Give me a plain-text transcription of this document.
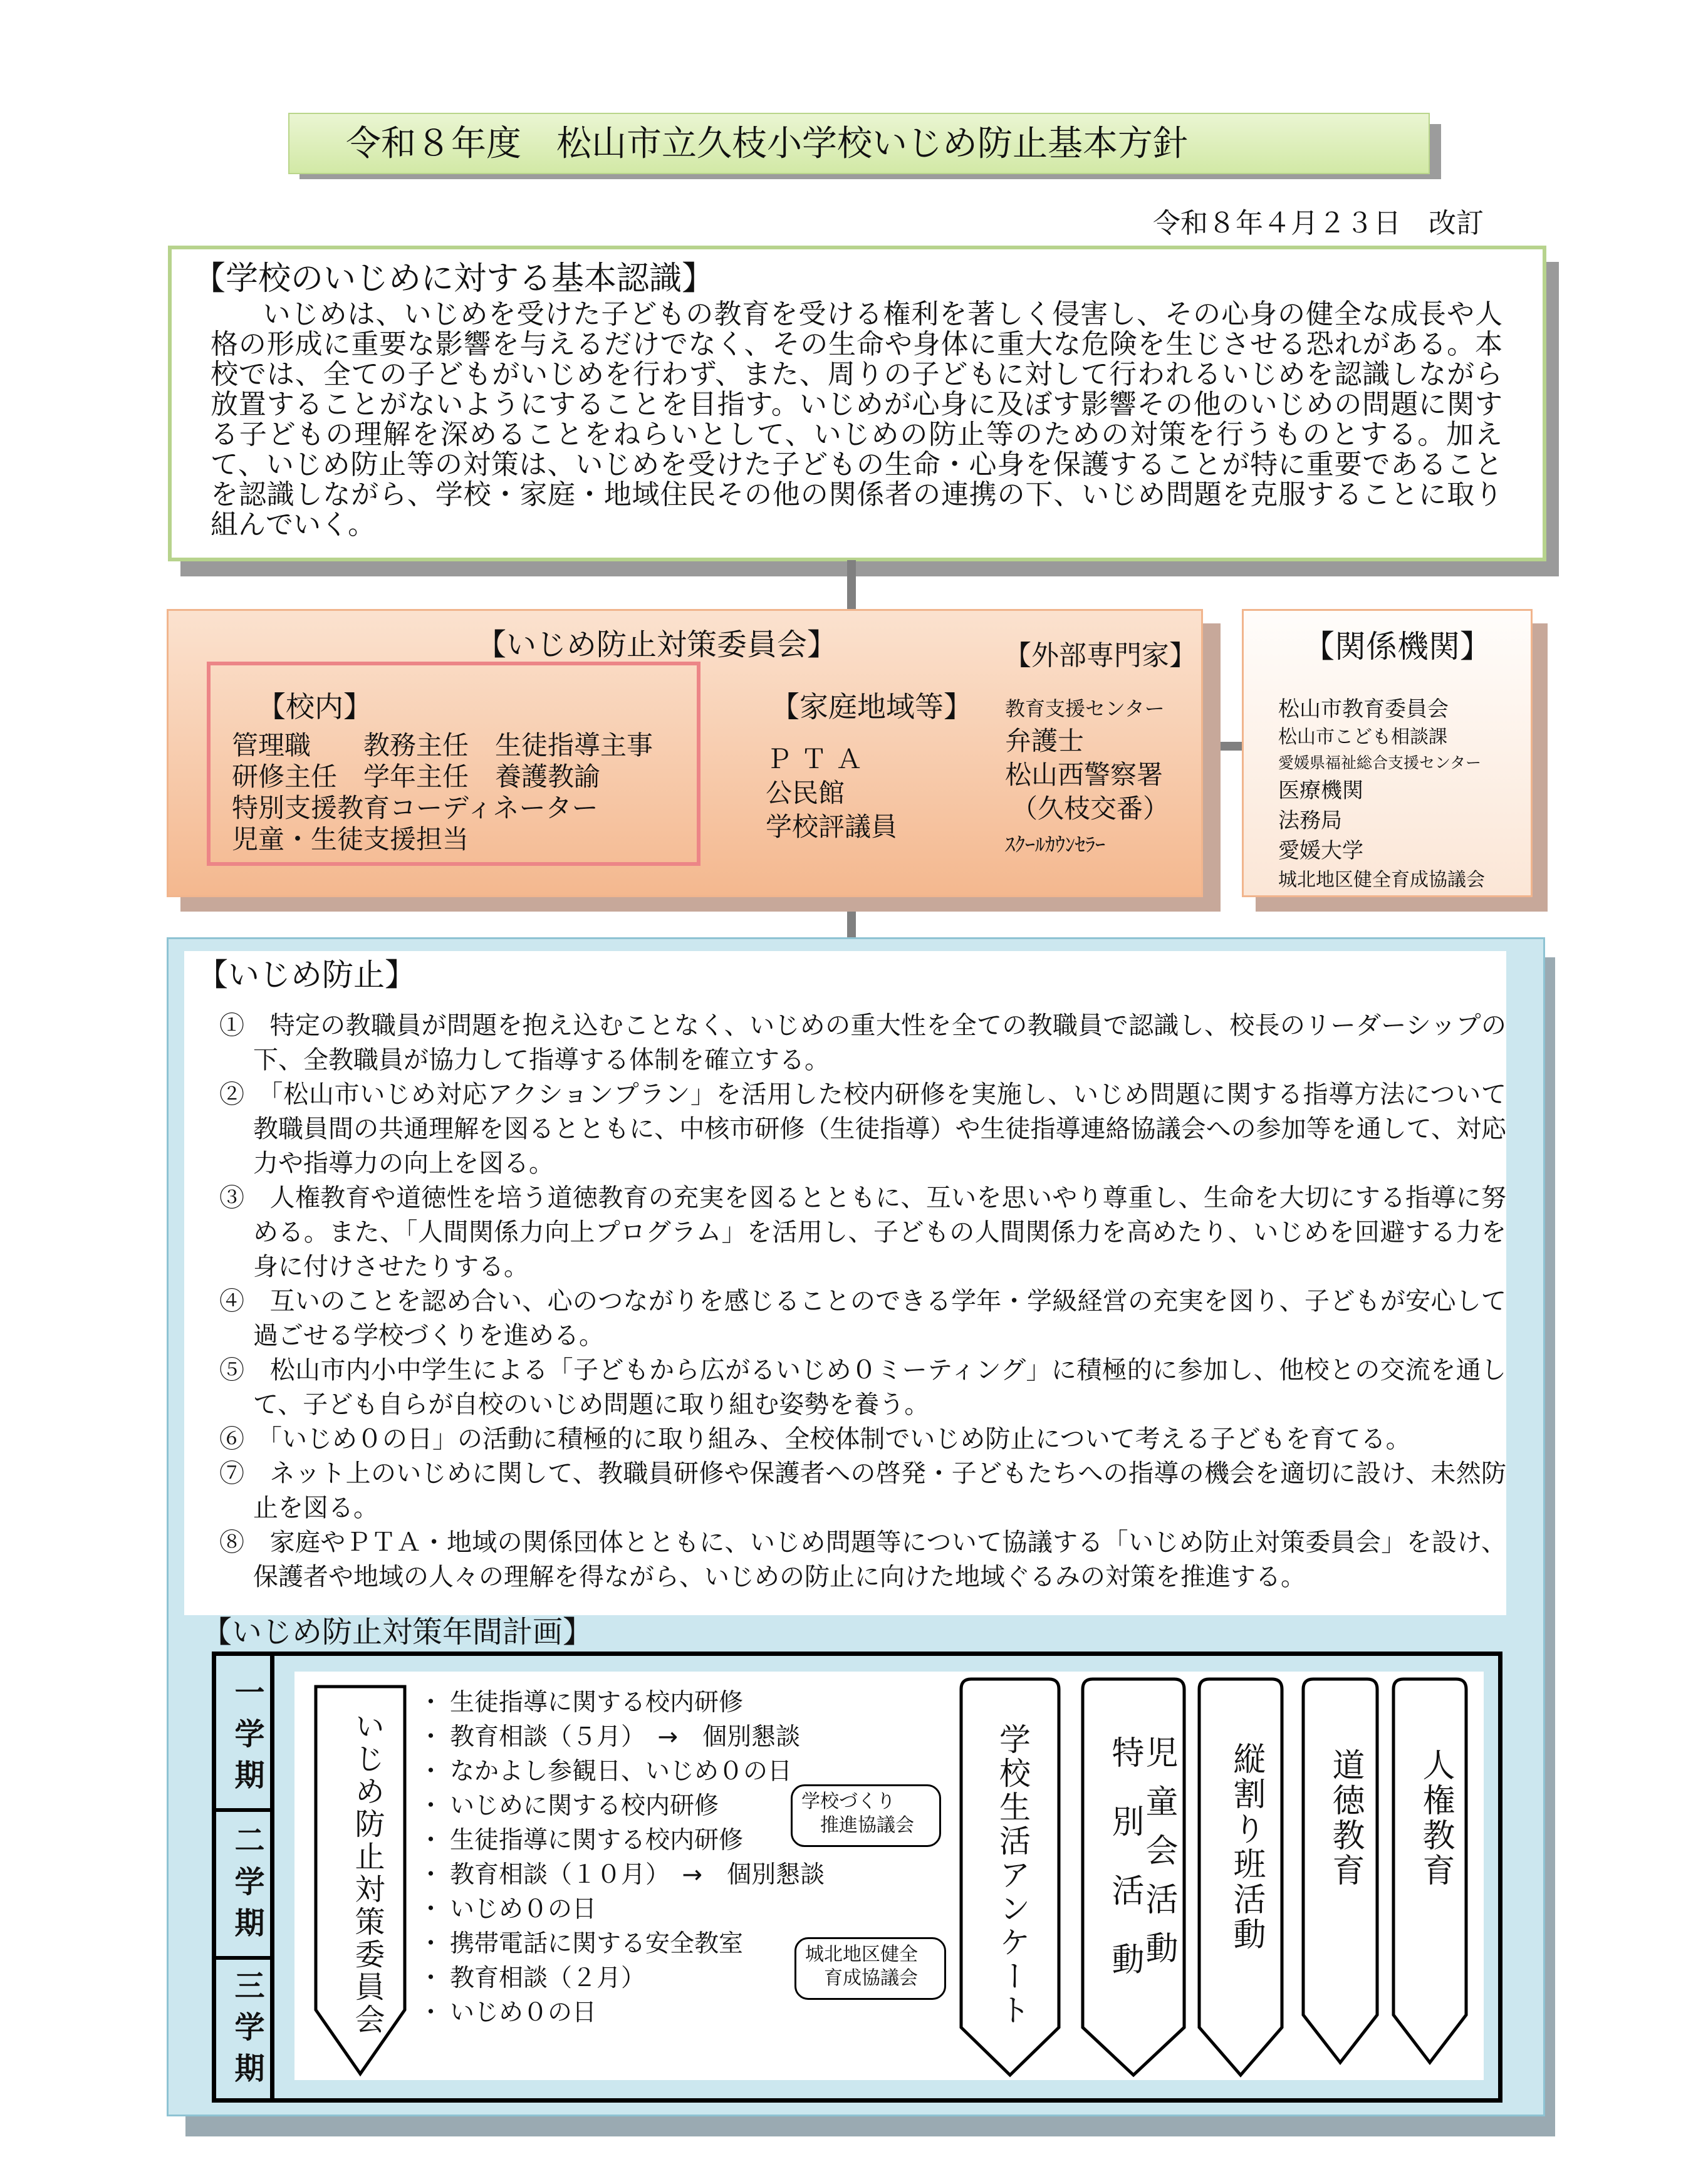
令和８年度　松山市立久枝小学校いじめ防止基本方針
令和８年４月２３日　改訂
【学校のいじめに対する基本認識】
いじめは、いじめを受けた子どもの教育を受ける権利を著しく侵害し、その心身の健全な成長や人格の形成に重要な影響を与えるだけでなく、その生命や身体に重大な危険を生じさせる恐れがある。本校では、全ての子どもがいじめを行わず、また、周りの子どもに対して行われるいじめを認識しながら放置することがないようにすることを目指す。いじめが心身に及ぼす影響その他のいじめの問題に関する子どもの理解を深めることをねらいとして、いじめの防止等のための対策を行うものとする。加えて、いじめ防止等の対策は、いじめを受けた子どもの生命・心身を保護することが特に重要であることを認識しながら、学校・家庭・地域住民その他の関係者の連携の下、いじめ問題を克服することに取り組んでいく。
【いじめ防止対策委員会】
【校内】
管理職　　教務主任　生徒指導主事
研修主任　学年主任　養護教諭
特別支援教育コーディネーター
児童・生徒支援担当
【家庭地域等】
ＰＴＡ
公民館
学校評議員
【外部専門家】
教育支援センター
弁護士
松山西警察署
（久枝交番）
ｽｸｰﾙｶｳﾝｾﾗｰ
【関係機関】
松山市教育委員会
松山市こども相談課
愛媛県福祉総合支援センター
医療機関
法務局
愛媛大学
城北地区健全育成協議会
【いじめ防止】
①　特定の教職員が問題を抱え込むことなく、いじめの重大性を全ての教職員で認識し、校長のリーダーシップの下、全教職員が協力して指導する体制を確立する。
②　「松山市いじめ対応アクションプラン」を活用した校内研修を実施し、いじめ問題に関する指導方法について教職員間の共通理解を図るとともに、中核市研修（生徒指導）や生徒指導連絡協議会への参加等を通して、対応力や指導力の向上を図る。
③　人権教育や道徳性を培う道徳教育の充実を図るとともに、互いを思いやり尊重し、生命を大切にする指導に努める。また、「人間関係力向上プログラム」を活用し、子どもの人間関係力を高めたり、いじめを回避する力を身に付けさせたりする。
④　互いのことを認め合い、心のつながりを感じることのできる学年・学級経営の充実を図り、子どもが安心して過ごせる学校づくりを進める。
⑤　松山市内小中学生による「子どもから広がるいじめ０ミーティング」に積極的に参加し、他校との交流を通して、子ども自らが自校のいじめ問題に取り組む姿勢を養う。
⑥　「いじめ０の日」の活動に積極的に取り組み、全校体制でいじめ防止について考える子どもを育てる。
⑦　ネット上のいじめに関して、教職員研修や保護者への啓発・子どもたちへの指導の機会を適切に設け、未然防止を図る。
⑧　家庭やＰＴＡ・地域の関係団体とともに、いじめ問題等について協議する「いじめ防止対策委員会」を設け、保護者や地域の人々の理解を得ながら、いじめの防止に向けた地域ぐるみの対策を推進する。
【いじめ防止対策年間計画】
一学期
二学期
三学期	いじめ防止対策委員会
・ 生徒指導に関する校内研修
・ 教育相談（５月）　→　個別懇談
・ なかよし参観日、いじめ０の日
・ いじめに関する校内研修
・ 生徒指導に関する校内研修
・ 教育相談（１０月）　→　個別懇談
・ いじめ０の日
・ 携帯電話に関する安全教室
・ 教育相談（２月）
・ いじめ０の日
学校づくり
　推進協議会
城北地区健全
　育成協議会	学校生活アンケート	児童会活動
特別活動	縦割り班活動 道徳教育 人権教育
